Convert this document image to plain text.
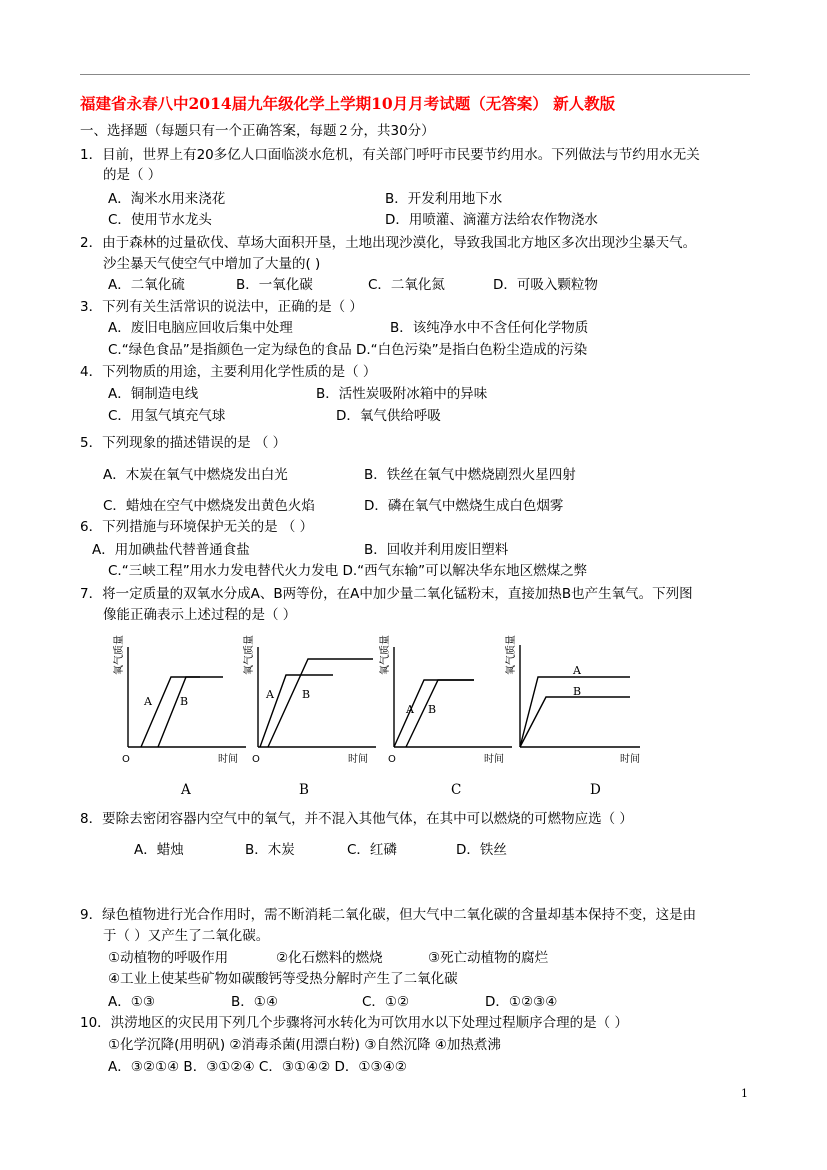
福建省永春八中2014届九年级化学上学期10月月考试题（无答案） 新人教版
一、选择题（每题只有一个正确答案，每题２分，共30分）
1．目前，世界上有20多亿人口面临淡水危机，有关部门呼吁市民要节约用水。下列做法与节约用水无关
的是（ ）
A．淘米水用来浇花	B．开发利用地下水
C．使用节水龙头	D．用喷灌、滴灌方法给农作物浇水
2．由于森林的过量砍伐、草场大面积开垦，土地出现沙漠化，导致我国北方地区多次出现沙尘暴天气。
沙尘暴天气使空气中增加了大量的( )
A．二氧化硫	B．一氧化碳	C．二氧化氮	D．可吸入颗粒物
3．下列有关生活常识的说法中，正确的是（ ）
A．废旧电脑应回收后集中处理	B．该纯净水中不含任何化学物质
C.“绿色食品”是指颜色一定为绿色的食品 D.“白色污染”是指白色粉尘造成的污染
4．下列物质的用途，主要利用化学性质的是（ ）
A．铜制造电线	B．活性炭吸附冰箱中的异味
C．用氢气填充气球	D．氧气供给呼吸
5．下列现象的描述错误的是 （ ）
A．木炭在氧气中燃烧发出白光	B．铁丝在氧气中燃烧剧烈火星四射
C．蜡烛在空气中燃烧发出黄色火焰	D．磷在氧气中燃烧生成白色烟雾
6．下列措施与环境保护无关的是 （ ）
A．用加碘盐代替普通食盐	B．回收并利用废旧塑料
C.“三峡工程”用水力发电替代火力发电 D.“西气东输”可以解决华东地区燃煤之弊
7．将一定质量的双氧水分成A、B两等份，在A中加少量二氧化锰粉末，直接加热B也产生氧气。下列图
像能正确表示上述过程的是（ ）
氧气质量
A	B
O	时间
氧气质量
A	B
O	时间
氧气质量
A B
O	时间
氧气质量	A
B
时间
A	B	C	D
8．要除去密闭容器内空气中的氧气，并不混入其他气体，在其中可以燃烧的可燃物应选（ ）
A．蜡烛	B．木炭	C．红磷	D．铁丝
9．绿色植物进行光合作用时，需不断消耗二氧化碳，但大气中二氧化碳的含量却基本保持不变，这是由
于（ ）又产生了二氧化碳。
①动植物的呼吸作用	②化石燃料的燃烧	③死亡动植物的腐烂
④工业上使某些矿物如碳酸钙等受热分解时产生了二氧化碳
A．①③	B．①④	C．①②	D．①②③④
10．洪涝地区的灾民用下列几个步骤将河水转化为可饮用水以下处理过程顺序合理的是（ ）
①化学沉降(用明矾) ②消毒杀菌(用漂白粉) ③自然沉降 ④加热煮沸
A．③②①④ B．③①②④ C．③①④② D．①③④②
1
